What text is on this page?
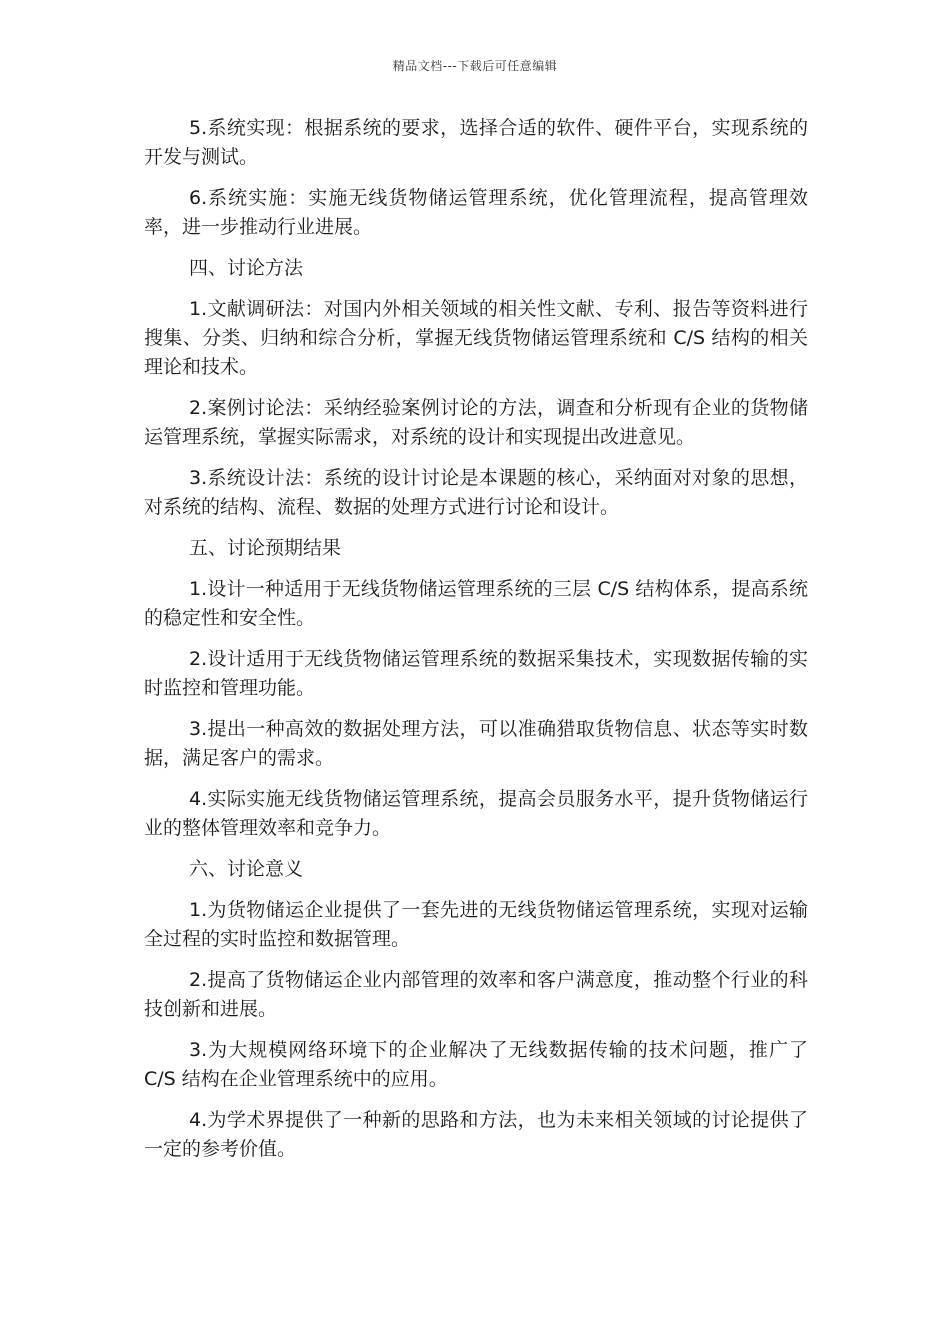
精品文档---下载后可任意编辑

5.系统实现：根据系统的要求，选择合适的软件、硬件平台，实现系统的开发与测试。

6.系统实施：实施无线货物储运管理系统，优化管理流程，提高管理效率，进一步推动行业进展。

四、讨论方法

1.文献调研法：对国内外相关领域的相关性文献、专利、报告等资料进行搜集、分类、归纳和综合分析，掌握无线货物储运管理系统和 C/S 结构的相关理论和技术。

2.案例讨论法：采纳经验案例讨论的方法，调查和分析现有企业的货物储运管理系统，掌握实际需求，对系统的设计和实现提出改进意见。

3.系统设计法：系统的设计讨论是本课题的核心，采纳面对对象的思想，对系统的结构、流程、数据的处理方式进行讨论和设计。

五、讨论预期结果

1.设计一种适用于无线货物储运管理系统的三层 C/S 结构体系，提高系统的稳定性和安全性。

2.设计适用于无线货物储运管理系统的数据采集技术，实现数据传输的实时监控和管理功能。

3.提出一种高效的数据处理方法，可以准确猎取货物信息、状态等实时数据，满足客户的需求。

4.实际实施无线货物储运管理系统，提高会员服务水平，提升货物储运行业的整体管理效率和竞争力。

六、讨论意义

1.为货物储运企业提供了一套先进的无线货物储运管理系统，实现对运输全过程的实时监控和数据管理。

2.提高了货物储运企业内部管理的效率和客户满意度，推动整个行业的科技创新和进展。

3.为大规模网络环境下的企业解决了无线数据传输的技术问题，推广了 C/S 结构在企业管理系统中的应用。

4.为学术界提供了一种新的思路和方法，也为未来相关领域的讨论提供了一定的参考价值。
